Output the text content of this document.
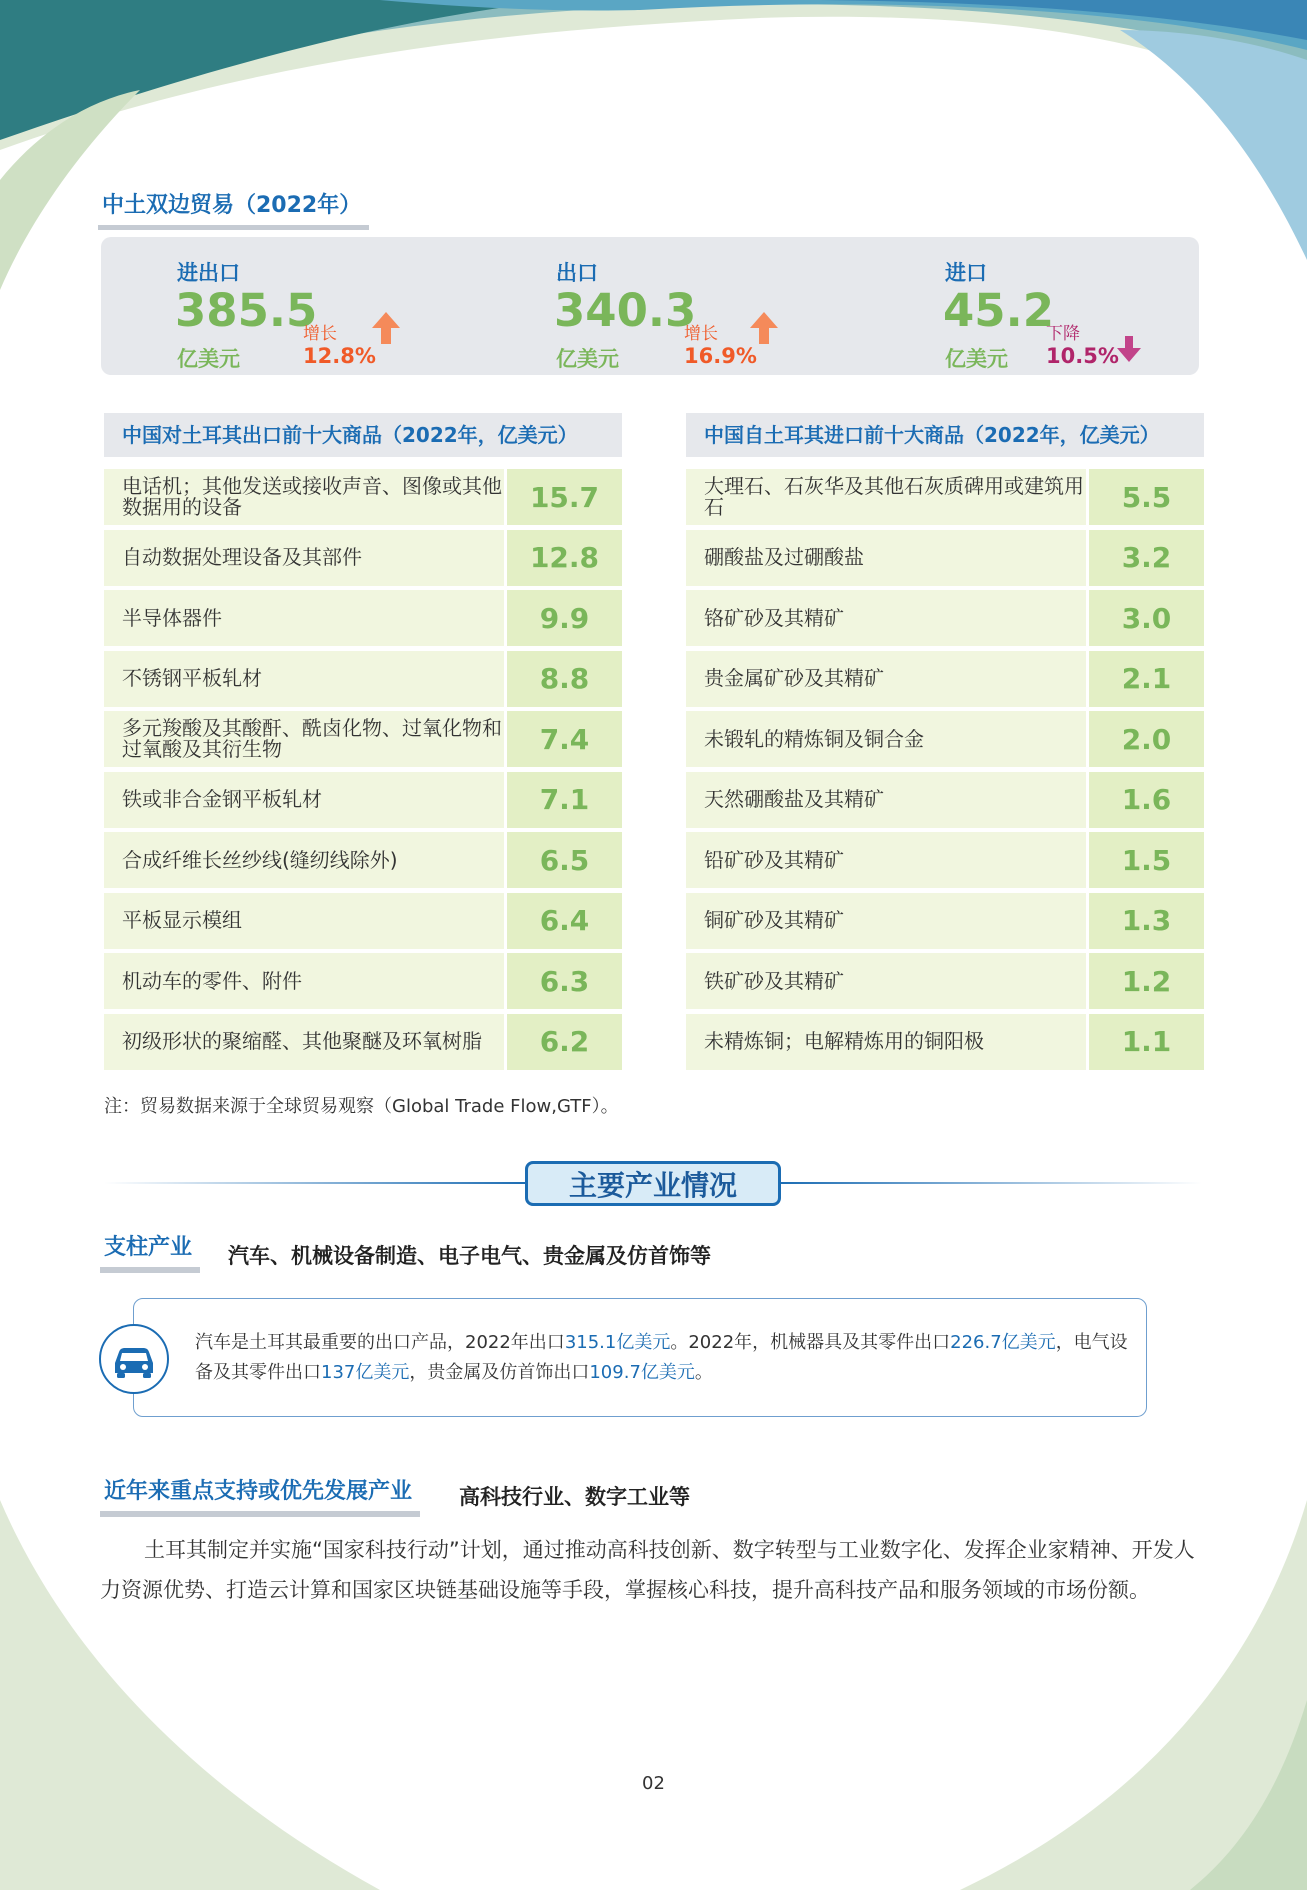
中土双边贸易（2022年）
进出口
385.5
亿美元
增长
12.8%
出口
340.3
亿美元
增长
16.9%
进口
45.2
亿美元
下降
10.5%
中国对土耳其出口前十大商品（2022年，亿美元）
电话机；其他发送或接收声音、图像或其他数据用的设备	15.7
自动数据处理设备及其部件	12.8
半导体器件	9.9
不锈钢平板轧材	8.8
多元羧酸及其酸酐、酰卤化物、过氧化物和过氧酸及其衍生物	7.4
铁或非合金钢平板轧材	7.1
合成纤维长丝纱线(缝纫线除外)	6.5
平板显示模组	6.4
机动车的零件、附件	6.3
初级形状的聚缩醛、其他聚醚及环氧树脂	6.2
中国自土耳其进口前十大商品（2022年，亿美元）
大理石、石灰华及其他石灰质碑用或建筑用石	5.5
硼酸盐及过硼酸盐	3.2
铬矿砂及其精矿	3.0
贵金属矿砂及其精矿	2.1
未锻轧的精炼铜及铜合金	2.0
天然硼酸盐及其精矿	1.6
铅矿砂及其精矿	1.5
铜矿砂及其精矿	1.3
铁矿砂及其精矿	1.2
未精炼铜；电解精炼用的铜阳极	1.1
注：贸易数据来源于全球贸易观察（Global Trade Flow,GTF）。
主要产业情况
支柱产业	汽车、机械设备制造、电子电气、贵金属及仿首饰等
汽车是土耳其最重要的出口产品，2022年出口315.1亿美元。2022年，机械器具及其零件出口226.7亿美元，电气设备及其零件出口137亿美元，贵金属及仿首饰出口109.7亿美元。
近年来重点支持或优先发展产业	高科技行业、数字工业等
土耳其制定并实施“国家科技行动”计划，通过推动高科技创新、数字转型与工业数字化、发挥企业家精神、开发人力资源优势、打造云计算和国家区块链基础设施等手段，掌握核心科技，提升高科技产品和服务领域的市场份额。
02
